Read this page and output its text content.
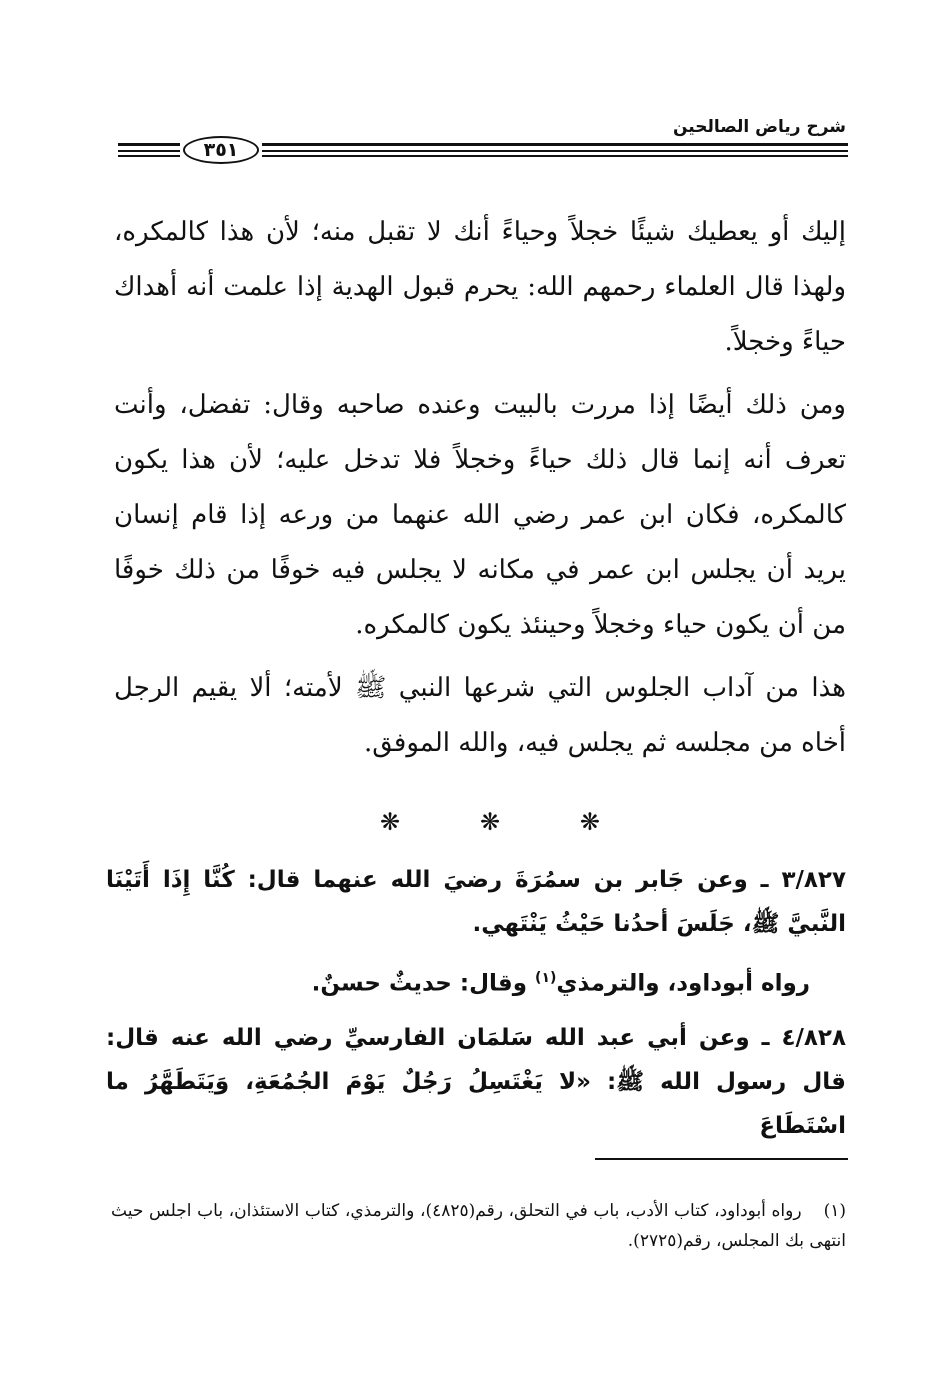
شرح رياض الصالحين
٣٥١

إليك أو يعطيك شيئًا خجلاً وحياءً أنك لا تقبل منه؛ لأن هذا كالمكره، ولهذا قال العلماء رحمهم الله: يحرم قبول الهدية إذا علمت أنه أهداك حياءً وخجلاً.

ومن ذلك أيضًا إذا مررت بالبيت وعنده صاحبه وقال: تفضل، وأنت تعرف أنه إنما قال ذلك حياءً وخجلاً فلا تدخل عليه؛ لأن هذا يكون كالمكره، فكان ابن عمر رضي الله عنهما من ورعه إذا قام إنسان يريد أن يجلس ابن عمر في مكانه لا يجلس فيه خوفًا من ذلك خوفًا من أن يكون حياء وخجلاً وحينئذ يكون كالمكره.

هذا من آداب الجلوس التي شرعها النبي ﷺ لأمته؛ ألا يقيم الرجل أخاه من مجلسه ثم يجلس فيه، والله الموفق.

❋	❋	❋

٣/٨٢٧ ـ وعن جَابر بن سمُرَةَ رضيَ الله عنهما قال: كُنَّا إِذَا أَتَيْنَا النَّبيَّ ﷺ، جَلَسَ أحدُنا حَيْثُ يَنْتَهي.

رواه أبوداود، والترمذي$^{(١)}$ وقال: حديثٌ حسنٌ.

٤/٨٢٨ ـ وعن أبي عبد الله سَلمَان الفارسيِّ رضي الله عنه قال: قال رسول الله ﷺ: «لا يَغْتَسِلُ رَجُلٌ يَوْمَ الجُمُعَةِ، وَيَتَطَهَّرُ ما اسْتَطَاعَ

(١)رواه أبوداود، كتاب الأدب، باب في التحلق، رقم(٤٨٢٥)، والترمذي، كتاب الاستئذان، باب اجلس حيث انتهى بك المجلس، رقم(٢٧٢٥).
